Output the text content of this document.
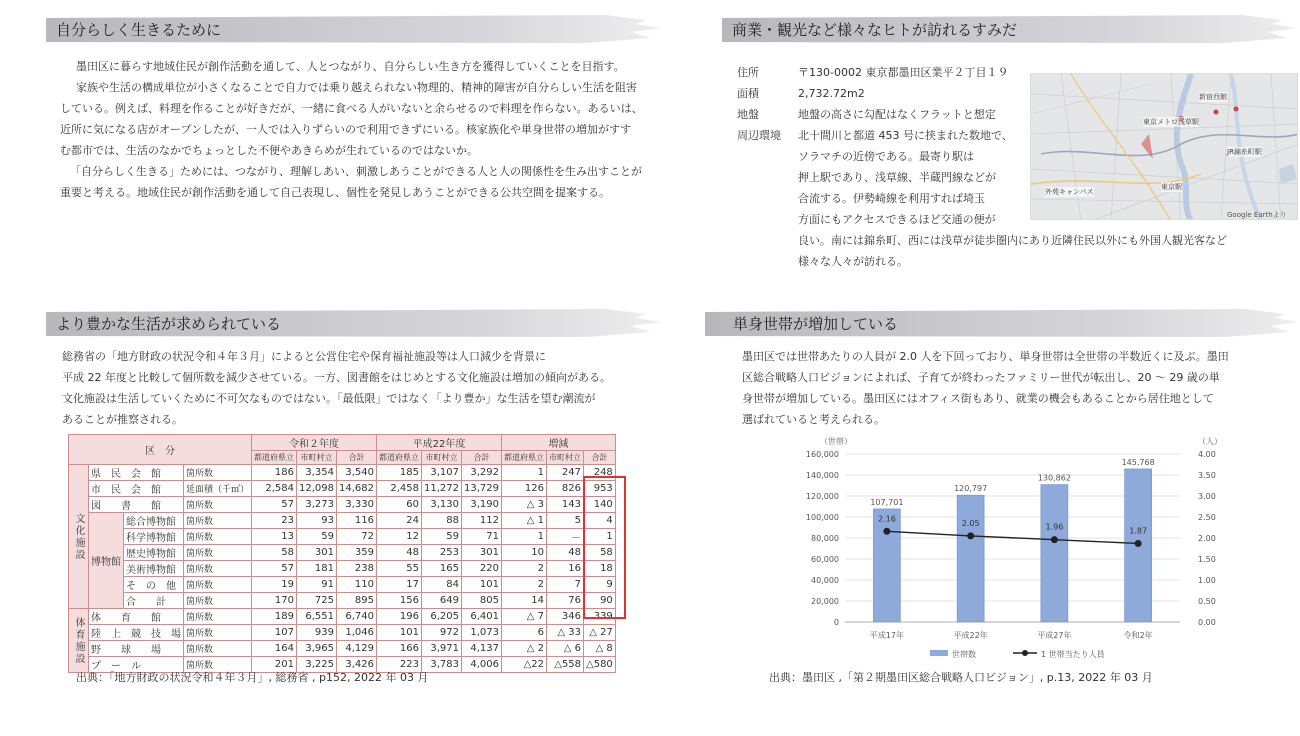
自分らしく生きるために

墨田区に暮らす地域住民が創作活動を通して、人とつながり、自分らしい生き方を獲得していくことを目指す。

家族や生活の構成単位が小さくなることで自力では乗り越えられない物理的、精神的障害が自分らしい生活を阻害

している。例えば、料理を作ることが好きだが、一緒に食べる人がいないと余らせるので料理を作らない。あるいは、

近所に気になる店がオープンしたが、一人では入りずらいので利用できずにいる。核家族化や単身世帯の増加がすす

む都市では、生活のなかでちょっとした不便やあきらめが生れているのではないか。

「自分らしく生きる」ためには、つながり、理解しあい、刺激しあうことができる人と人の関係性を生み出すことが

重要と考える。地域住民が創作活動を通して自己表現し、個性を発見しあうことができる公共空間を提案する。

商業・観光など様々なヒトが訪れるすみだ
住所	〒130-0002 東京都墨田区業平２丁目１９
面積	2,732.72m2
地盤	地盤の高さに勾配はなくフラットと想定
周辺環境 北十間川と都道 453 号に挟まれた数地で、
ソラマチの近傍である。最寄り駅は
押上駅であり、浅草線、半蔵門線などが
合流する。伊勢崎線を利用すれば埼玉
方面にもアクセスできるほど交通の便が
良い。南には錦糸町、西には浅草が徒歩圏内にあり近隣住民以外にも外国人観光客など
様々な人々が訪れる。
新宿西館
東京メトロ浅草駅
JR錦糸町駅
外苑キャンパス
東京駅
Google Earthより
より豊かな生活が求められている

総務省の「地方財政の状況令和４年３月」によると公営住宅や保育福祉施設等は人口減少を背景に

平成 22 年度と比較して個所数を減少させている。一方、図書館をはじめとする文化施設は増加の傾向がある。

文化施設は生活していくために不可欠なものではない。「最低限」ではなく「より豊か」な生活を望む潮流が

あることが推察される。

区　分				令和２年度			平成22年度			増減		
				都道府県立	市町村立	合計	都道府県立	市町村立	合計	都道府県立	市町村立	合計
文化施設	県　民　会　館		箇所数	186	3,354	3,540	185	3,107	3,292	1	247	248
	市　民　会　館		延面積（千㎡）	2,584	12,098	14,682	2,458	11,272	13,729	126	826	953
	図　　書　　館		箇所数	57	3,273	3,330	60	3,130	3,190	△ 3	143	140
	博物館	総合博物館	箇所数	23	93	116	24	88	112	△ 1	5	4
		科学博物館	箇所数	13	59	72	12	59	71	1	－	1
		歴史博物館	箇所数	58	301	359	48	253	301	10	48	58
		美術博物館	箇所数	57	181	238	55	165	220	2	16	18
		そ　の　他	箇所数	19	91	110	17	84	101	2	7	9
		合　　計	箇所数	170	725	895	156	649	805	14	76	90
体育施設	体　　育　　館		箇所数	189	6,551	6,740	196	6,205	6,401	△ 7	346	339
	陸　上　競　技　場		箇所数	107	939	1,046	101	972	1,073	6	△ 33	△ 27
	野　　球　　場		箇所数	164	3,965	4,129	166	3,971	4,137	△ 2	△ 6	△ 8
	プ　ー　ル		箇所数	201	3,225	3,426	223	3,783	4,006	△22	△558	△580
出典：「地方財政の状況令和４年３月」, 総務省 , p152, 2022 年 03 月
単身世帯が増加している

墨田区では世帯あたりの人員が 2.0 人を下回っており、単身世帯は全世帯の半数近くに及ぶ。墨田

区総合戦略人口ビジョンによれば、子育てが終わったファミリー世代が転出し、20 ～ 29 歳の単

身世帯が増加している。墨田区にはオフィス街もあり、就業の機会もあることから居住地として

選ばれていると考えられる。

0
20,000
40,000
60,000
80,000
100,000
120,000
140,000
160,000
0.00
0.50
1.00
1.50
2.00
2.50
3.00
3.50
4.00
（世帯）	（人）
107,701
平成17年
120,797
平成22年
130,862
平成27年
145,768
令和2年
2.16
2.05	1.96	1.87
世帯数	1 世帯当たり人員
出典：墨田区 ,「第２期墨田区総合戦略人口ビジョン」, p.13, 2022 年 03 月
